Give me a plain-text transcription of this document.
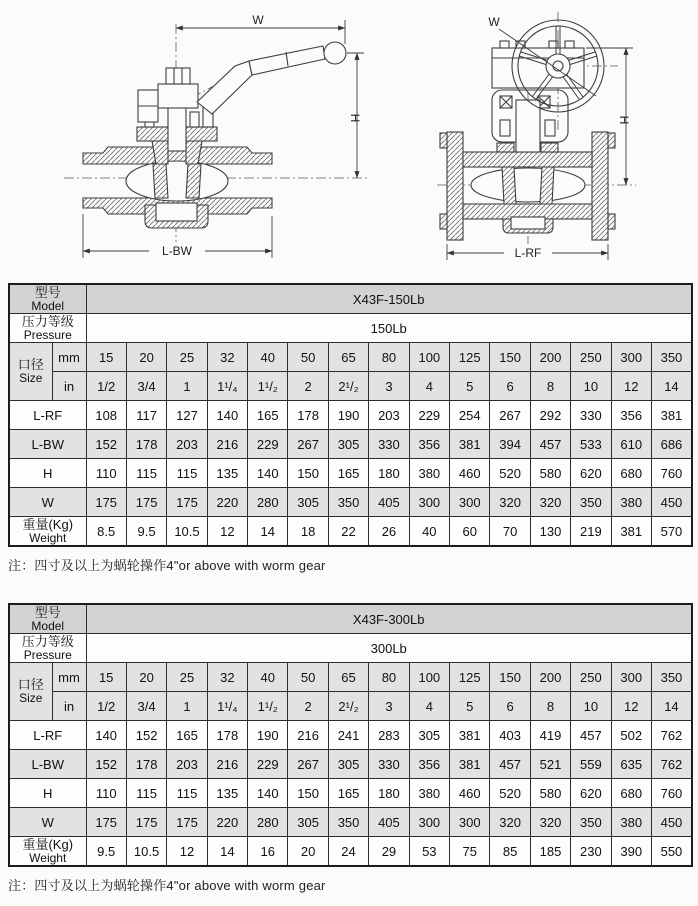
W
H
L-BW
W
H
L-RF
型号
Model		X43F-150Lb														

压力等级
Pressure		150Lb														

口径
Size	mm	15	20	25	32	40	50	65	80	100	125	150	200	250	300	350
	in	1/2	3/4	1	1¹/₄	1¹/₂	2	2¹/₂	3	4	5	6	8	10	12	14
L-RF		108	117	127	140	165	178	190	203	229	254	267	292	330	356	381
L-BW		152	178	203	216	229	267	305	330	356	381	394	457	533	610	686
H		110	115	115	135	140	150	165	180	380	460	520	580	620	680	760
W		175	175	175	220	280	305	350	405	300	300	320	320	350	380	450

重量(Kg)
Weight		8.5	9.5	10.5	12	14	18	22	26	40	60	70	130	219	381	570
注：四寸及以上为蜗轮操作4"or above with worm gear
型号
Model		X43F-300Lb														

压力等级
Pressure		300Lb														

口径
Size	mm	15	20	25	32	40	50	65	80	100	125	150	200	250	300	350
	in	1/2	3/4	1	1¹/₄	1¹/₂	2	2¹/₂	3	4	5	6	8	10	12	14
L-RF		140	152	165	178	190	216	241	283	305	381	403	419	457	502	762
L-BW		152	178	203	216	229	267	305	330	356	381	457	521	559	635	762
H		110	115	115	135	140	150	165	180	380	460	520	580	620	680	760
W		175	175	175	220	280	305	350	405	300	300	320	320	350	380	450

重量(Kg)
Weight		9.5	10.5	12	14	16	20	24	29	53	75	85	185	230	390	550
注：四寸及以上为蜗轮操作4"or above with worm gear
